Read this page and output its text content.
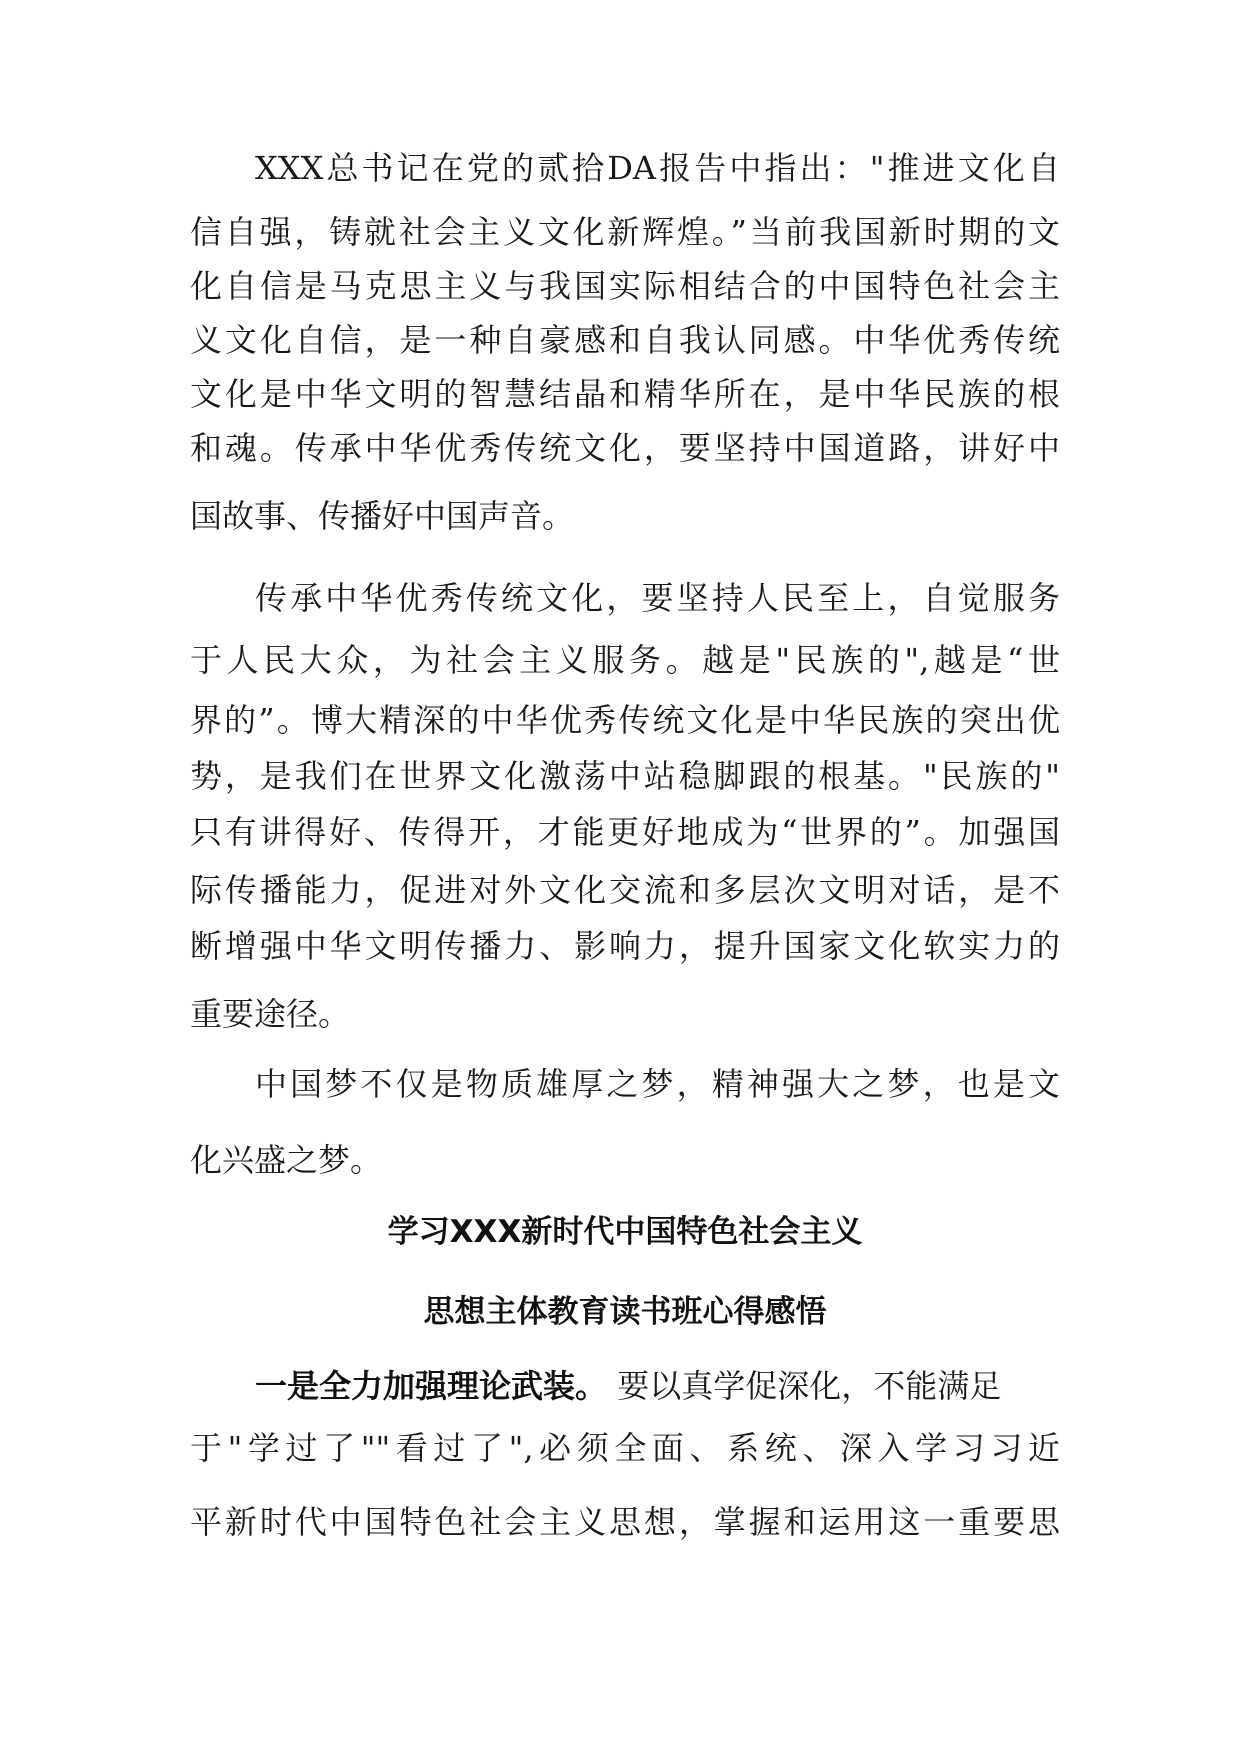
XXX总书记在党的贰拾DA报告中指出："推进文化自
信自强，铸就社会主义文化新辉煌。”当前我国新时期的文
化自信是马克思主义与我国实际相结合的中国特色社会主
义文化自信，是一种自豪感和自我认同感。中华优秀传统
文化是中华文明的智慧结晶和精华所在，是中华民族的根
和魂。传承中华优秀传统文化，要坚持中国道路，讲好中
国故事、传播好中国声音。
传承中华优秀传统文化，要坚持人民至上，自觉服务
于人民大众，为社会主义服务。越是"民族的",越是“世
界的”。博大精深的中华优秀传统文化是中华民族的突出优
势，是我们在世界文化激荡中站稳脚跟的根基。"民族的"
只有讲得好、传得开，才能更好地成为“世界的”。加强国
际传播能力，促进对外文化交流和多层次文明对话，是不
断增强中华文明传播力、影响力，提升国家文化软实力的
重要途径。
中国梦不仅是物质雄厚之梦，精神强大之梦，也是文
化兴盛之梦。
学习XXX新时代中国特色社会主义
思想主体教育读书班心得感悟
一是全力加强理论武装。 要以真学促深化，不能满足
于"学过了""看过了",必须全面、系统、深入学习习近
平新时代中国特色社会主义思想，掌握和运用这一重要思
